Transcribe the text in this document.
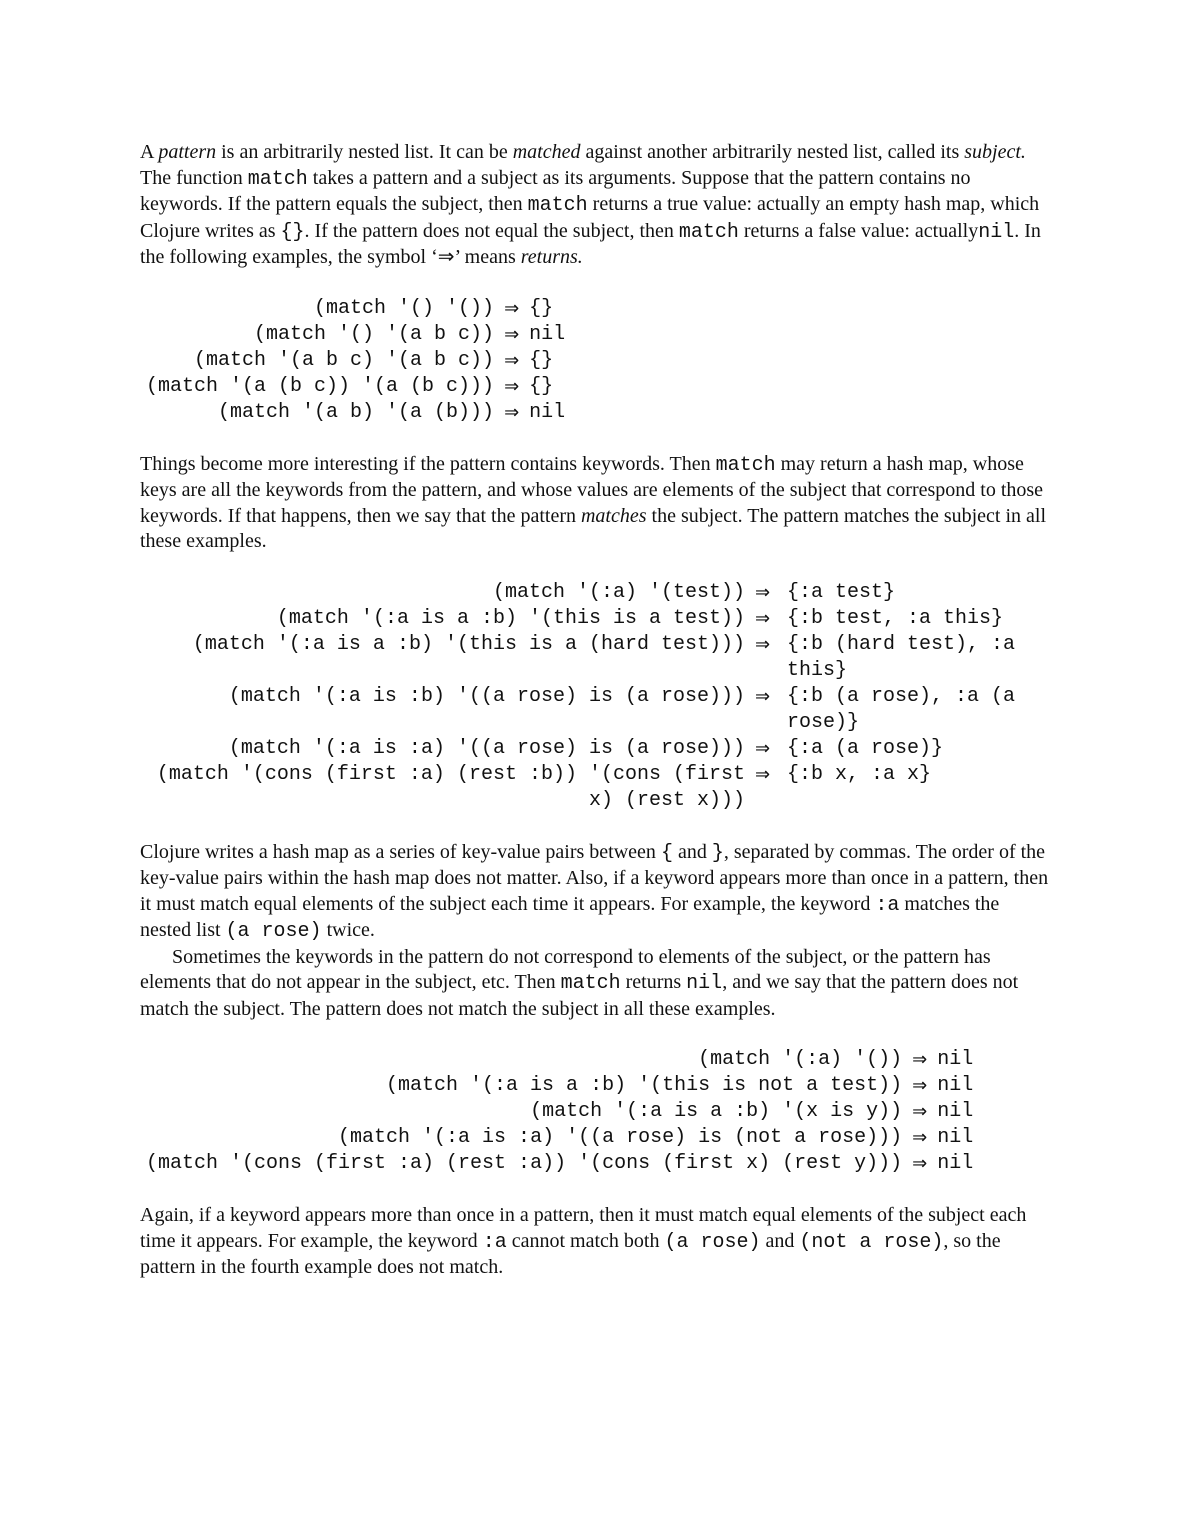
A pattern is an arbitrarily nested list. It can be matched against another arbitrarily nested list, called its subject. The function match takes a pattern and a subject as its arguments. Suppose that the pattern contains no keywords. If the pattern equals the subject, then match returns a true value: actually an empty hash map, which Clojure writes as {}. If the pattern does not equal the subject, then match returns a false value: actuallynil. In the following examples, the symbol ‘⇒’ means returns.

(match '() '())	⇒	{}
(match '() '(a b c))	⇒	nil
(match '(a b c) '(a b c))	⇒	{}
(match '(a (b c)) '(a (b c)))	⇒	{}
(match '(a b) '(a (b)))	⇒	nil

Things become more interesting if the pattern contains keywords. Then match may return a hash map, whose keys are all the keywords from the pattern, and whose values are elements of the subject that correspond to those keywords. If that happens, then we say that the pattern matches the subject. The pattern matches the subject in all these examples.

(match '(:a) '(test))	⇒	{:a test}
(match '(:a is a :b) '(this is a test))	⇒	{:b test, :a this}
(match '(:a is a :b) '(this is a (hard test)))	⇒	{:b (hard test), :a this}
(match '(:a is :b) '((a rose) is (a rose)))	⇒	{:b (a rose), :a (a rose)}
(match '(:a is :a) '((a rose) is (a rose)))	⇒	{:a (a rose)}
(match '(cons (first :a) (rest :b)) '(cons (first x) (rest x)))	⇒	{:b x, :a x}

Clojure writes a hash map as a series of key-value pairs between { and }, separated by commas. The order of the key-value pairs within the hash map does not matter. Also, if a keyword appears more than once in a pattern, then it must match equal elements of the subject each time it appears. For example, the keyword :a matches the nested list (a rose) twice.

Sometimes the keywords in the pattern do not correspond to elements of the subject, or the pattern has elements that do not appear in the subject, etc. Then match returns nil, and we say that the pattern does not match the subject. The pattern does not match the subject in all these examples.

(match '(:a) '())	⇒	nil
(match '(:a is a :b) '(this is not a test))	⇒	nil
(match '(:a is a :b) '(x is y))	⇒	nil
(match '(:a is :a) '((a rose) is (not a rose)))	⇒	nil
(match '(cons (first :a) (rest :a)) '(cons (first x) (rest y)))	⇒	nil

Again, if a keyword appears more than once in a pattern, then it must match equal elements of the subject each time it appears. For example, the keyword :a cannot match both (a rose) and (not a rose), so the pattern in the fourth example does not match.
